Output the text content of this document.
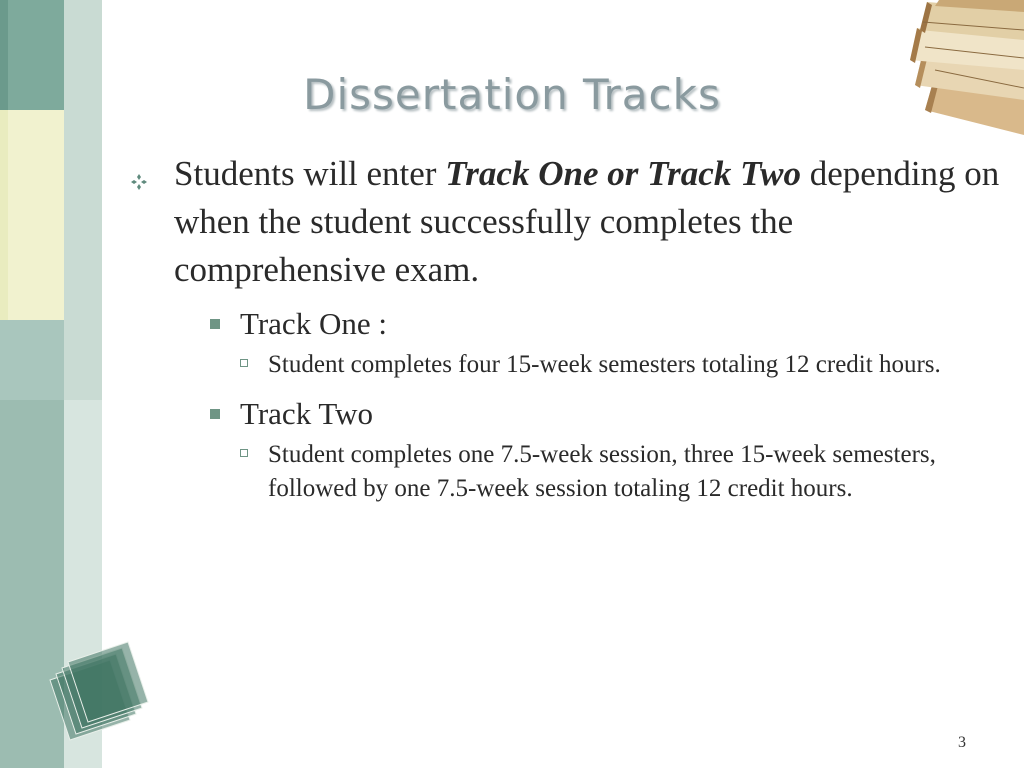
Dissertation Tracks
Students will enter Track One or Track Two depending on when the student successfully completes the comprehensive exam.
Track One :
Student completes four 15-week semesters totaling 12 credit hours.
Track Two
Student completes one 7.5-week session, three 15-week semesters, followed by one 7.5-week session totaling 12 credit hours.
3
